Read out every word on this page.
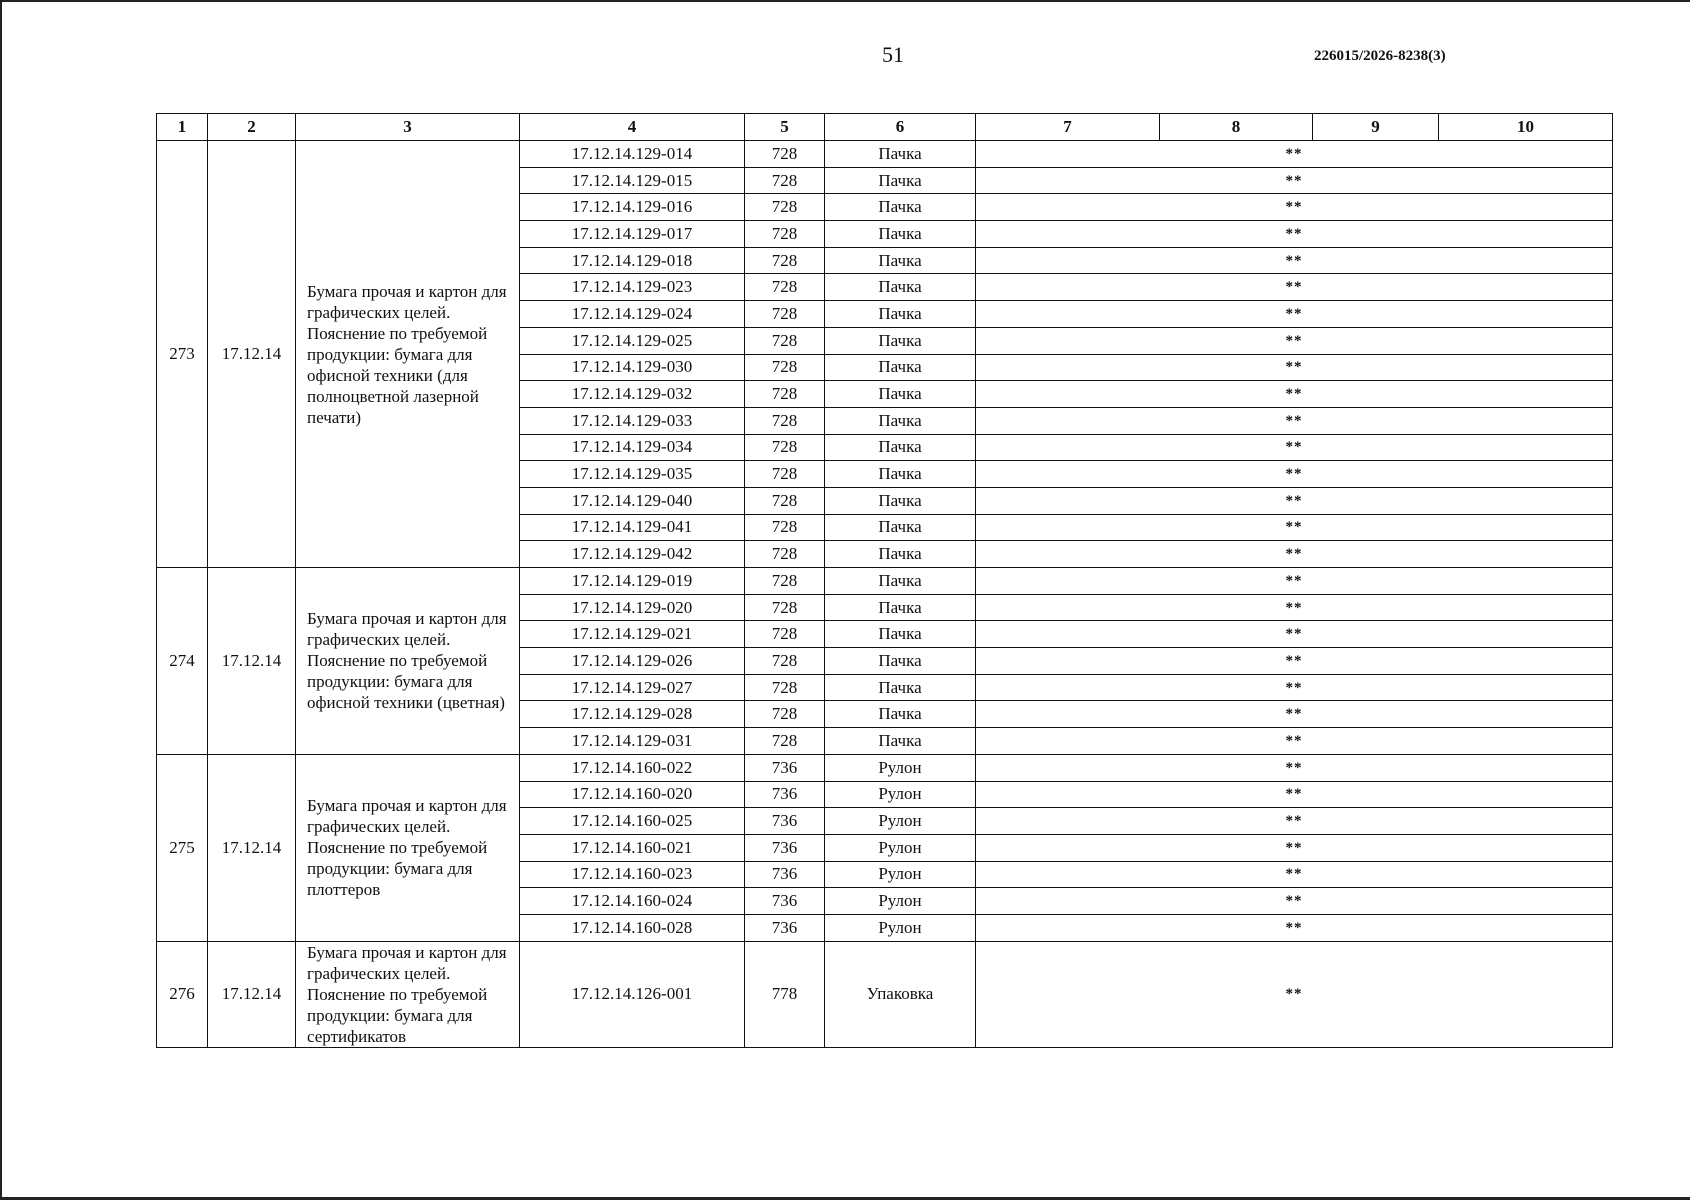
51	226015/2026-8238(3)
1	2	3	4	5	6	7	8	9	10
273	17.12.14	Бумага прочая и картон для графических целей. Пояснение по требуемой продукции: бумага для офисной техники (для полноцветной лазерной печати)	17.12.14.129-014	728	Пачка	**			
			17.12.14.129-015	728	Пачка	**			
			17.12.14.129-016	728	Пачка	**			
			17.12.14.129-017	728	Пачка	**			
			17.12.14.129-018	728	Пачка	**			
			17.12.14.129-023	728	Пачка	**			
			17.12.14.129-024	728	Пачка	**			
			17.12.14.129-025	728	Пачка	**			
			17.12.14.129-030	728	Пачка	**			
			17.12.14.129-032	728	Пачка	**			
			17.12.14.129-033	728	Пачка	**			
			17.12.14.129-034	728	Пачка	**			
			17.12.14.129-035	728	Пачка	**			
			17.12.14.129-040	728	Пачка	**			
			17.12.14.129-041	728	Пачка	**			
			17.12.14.129-042	728	Пачка	**			
274	17.12.14	Бумага прочая и картон для графических целей. Пояснение по требуемой продукции: бумага для офисной техники (цветная)	17.12.14.129-019	728	Пачка	**			
			17.12.14.129-020	728	Пачка	**			
			17.12.14.129-021	728	Пачка	**			
			17.12.14.129-026	728	Пачка	**			
			17.12.14.129-027	728	Пачка	**			
			17.12.14.129-028	728	Пачка	**			
			17.12.14.129-031	728	Пачка	**			
275	17.12.14	Бумага прочая и картон для графических целей. Пояснение по требуемой продукции: бумага для плоттеров	17.12.14.160-022	736	Рулон	**			
			17.12.14.160-020	736	Рулон	**			
			17.12.14.160-025	736	Рулон	**			
			17.12.14.160-021	736	Рулон	**			
			17.12.14.160-023	736	Рулон	**			
			17.12.14.160-024	736	Рулон	**			
			17.12.14.160-028	736	Рулон	**			
276	17.12.14	Бумага прочая и картон для графических целей. Пояснение по требуемой продукции: бумага для сертификатов	17.12.14.126-001	778	Упаковка	**			
